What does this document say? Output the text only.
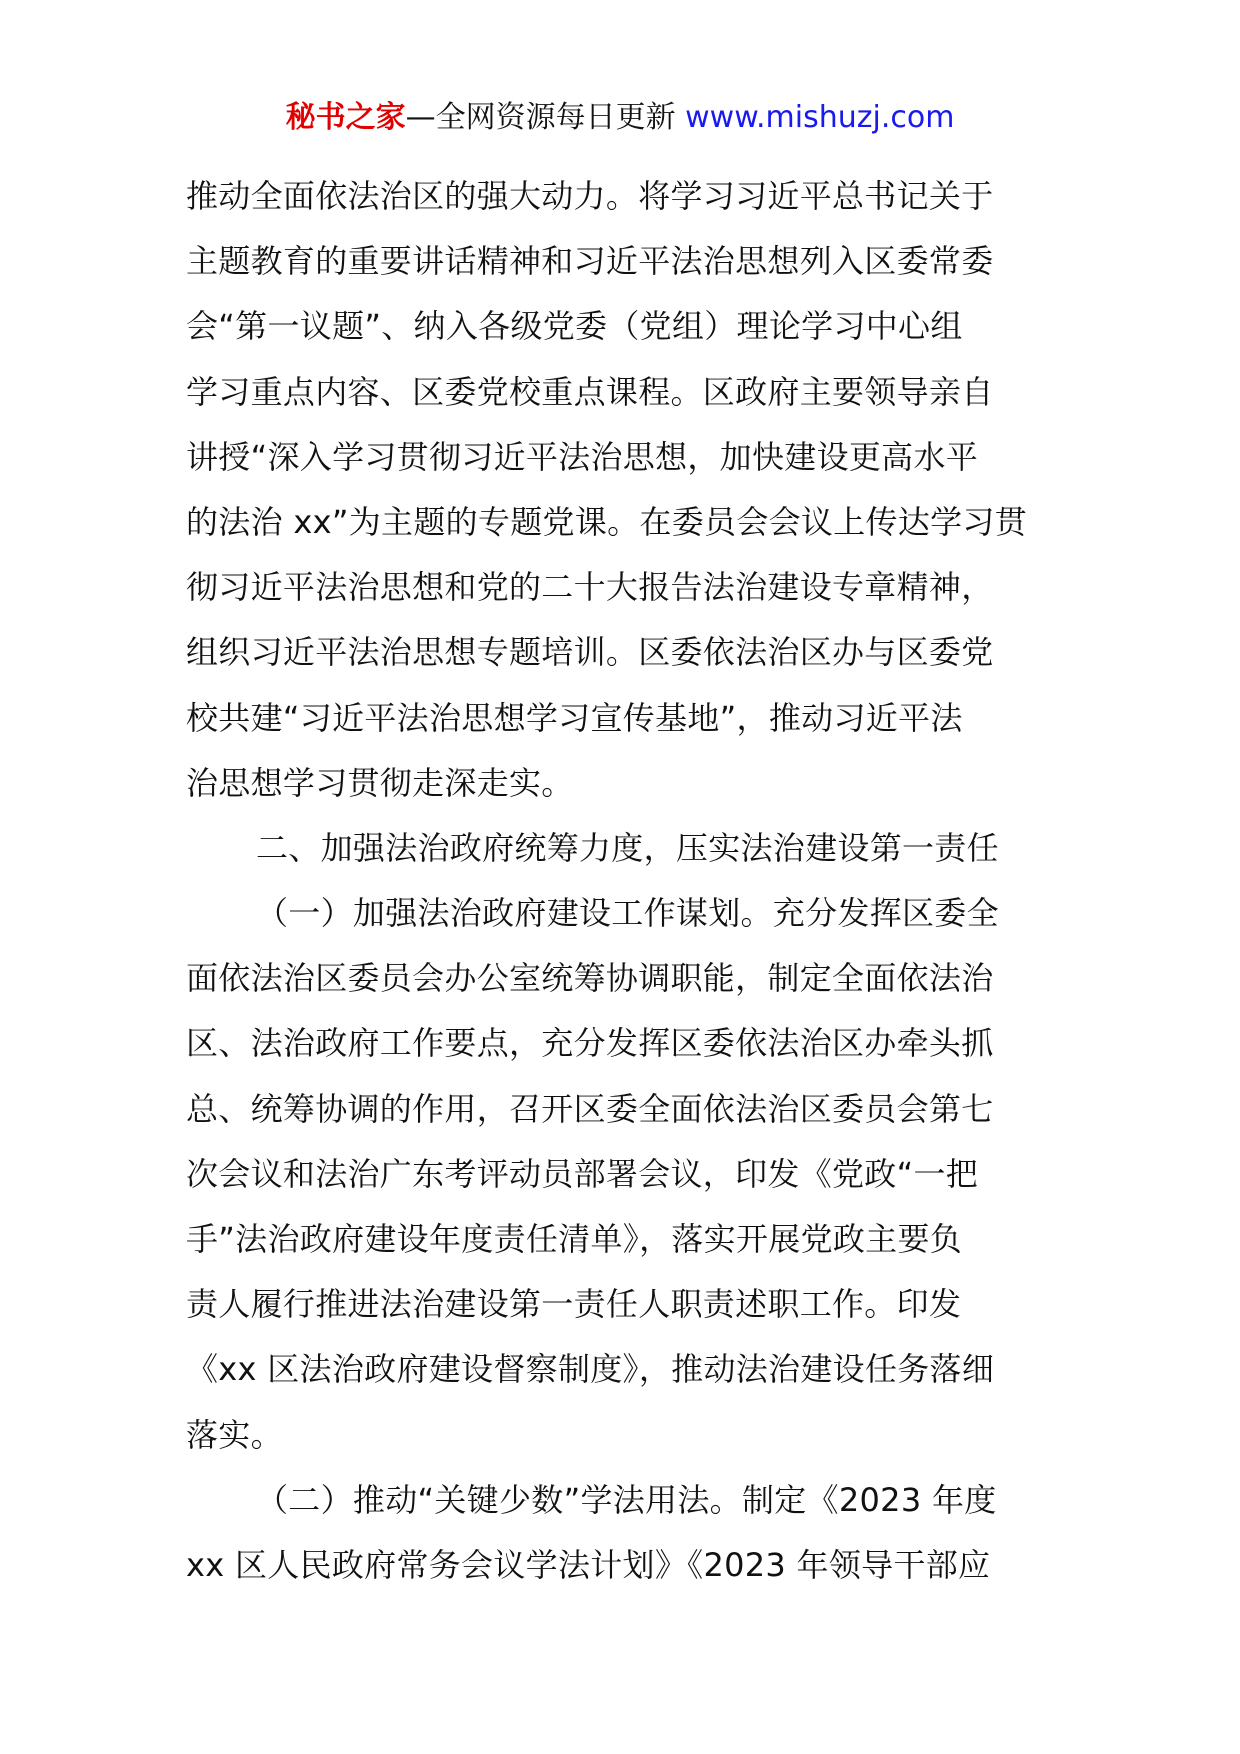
秘书之家—全网资源每日更新 www.mishuzj.com
推动全面依法治区的强大动力。将学习习近平总书记关于
主题教育的重要讲话精神和习近平法治思想列入区委常委
会“第一议题”、纳入各级党委（党组）理论学习中心组
学习重点内容、区委党校重点课程。区政府主要领导亲自
讲授“深入学习贯彻习近平法治思想，加快建设更高水平
的法治 xx”为主题的专题党课。在委员会会议上传达学习贯
彻习近平法治思想和党的二十大报告法治建设专章精神，
组织习近平法治思想专题培训。区委依法治区办与区委党
校共建“习近平法治思想学习宣传基地”，推动习近平法
治思想学习贯彻走深走实。
二、加强法治政府统筹力度，压实法治建设第一责任
（一）加强法治政府建设工作谋划。充分发挥区委全
面依法治区委员会办公室统筹协调职能，制定全面依法治
区、法治政府工作要点，充分发挥区委依法治区办牵头抓
总、统筹协调的作用，召开区委全面依法治区委员会第七
次会议和法治广东考评动员部署会议，印发《党政“一把
手”法治政府建设年度责任清单》，落实开展党政主要负
责人履行推进法治建设第一责任人职责述职工作。印发
《xx 区法治政府建设督察制度》，推动法治建设任务落细
落实。
（二）推动“关键少数”学法用法。制定《2023 年度
xx 区人民政府常务会议学法计划》《2023 年领导干部应
